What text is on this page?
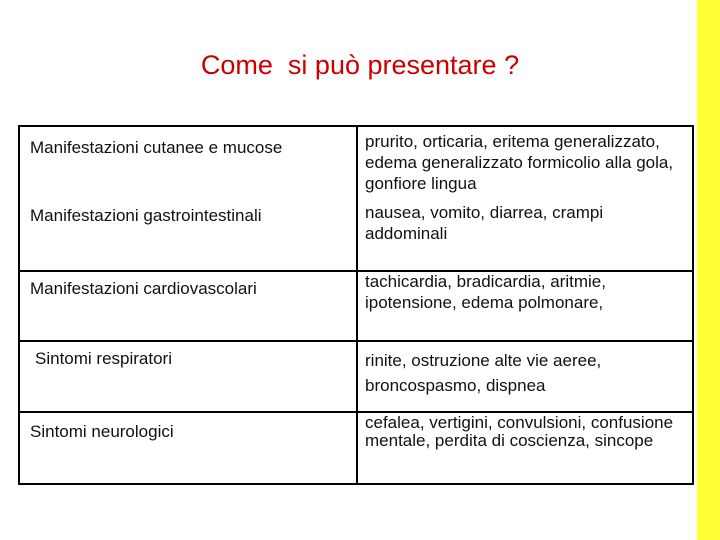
Come  si può presentare ?
Manifestazioni cutanee e mucose	prurito, orticaria, eritema generalizzato, edema generalizzato formicolio alla gola, gonfiore lingua
Manifestazioni gastrointestinali	nausea, vomito, diarrea, crampi addominali
Manifestazioni cardiovascolari	tachicardia, bradicardia, aritmie, ipotensione, edema polmonare,
Sintomi respiratori	rinite, ostruzione alte vie aeree, broncospasmo, dispnea
Sintomi neurologici	cefalea, vertigini, convulsioni, confusione mentale, perdita di coscienza, sincope
